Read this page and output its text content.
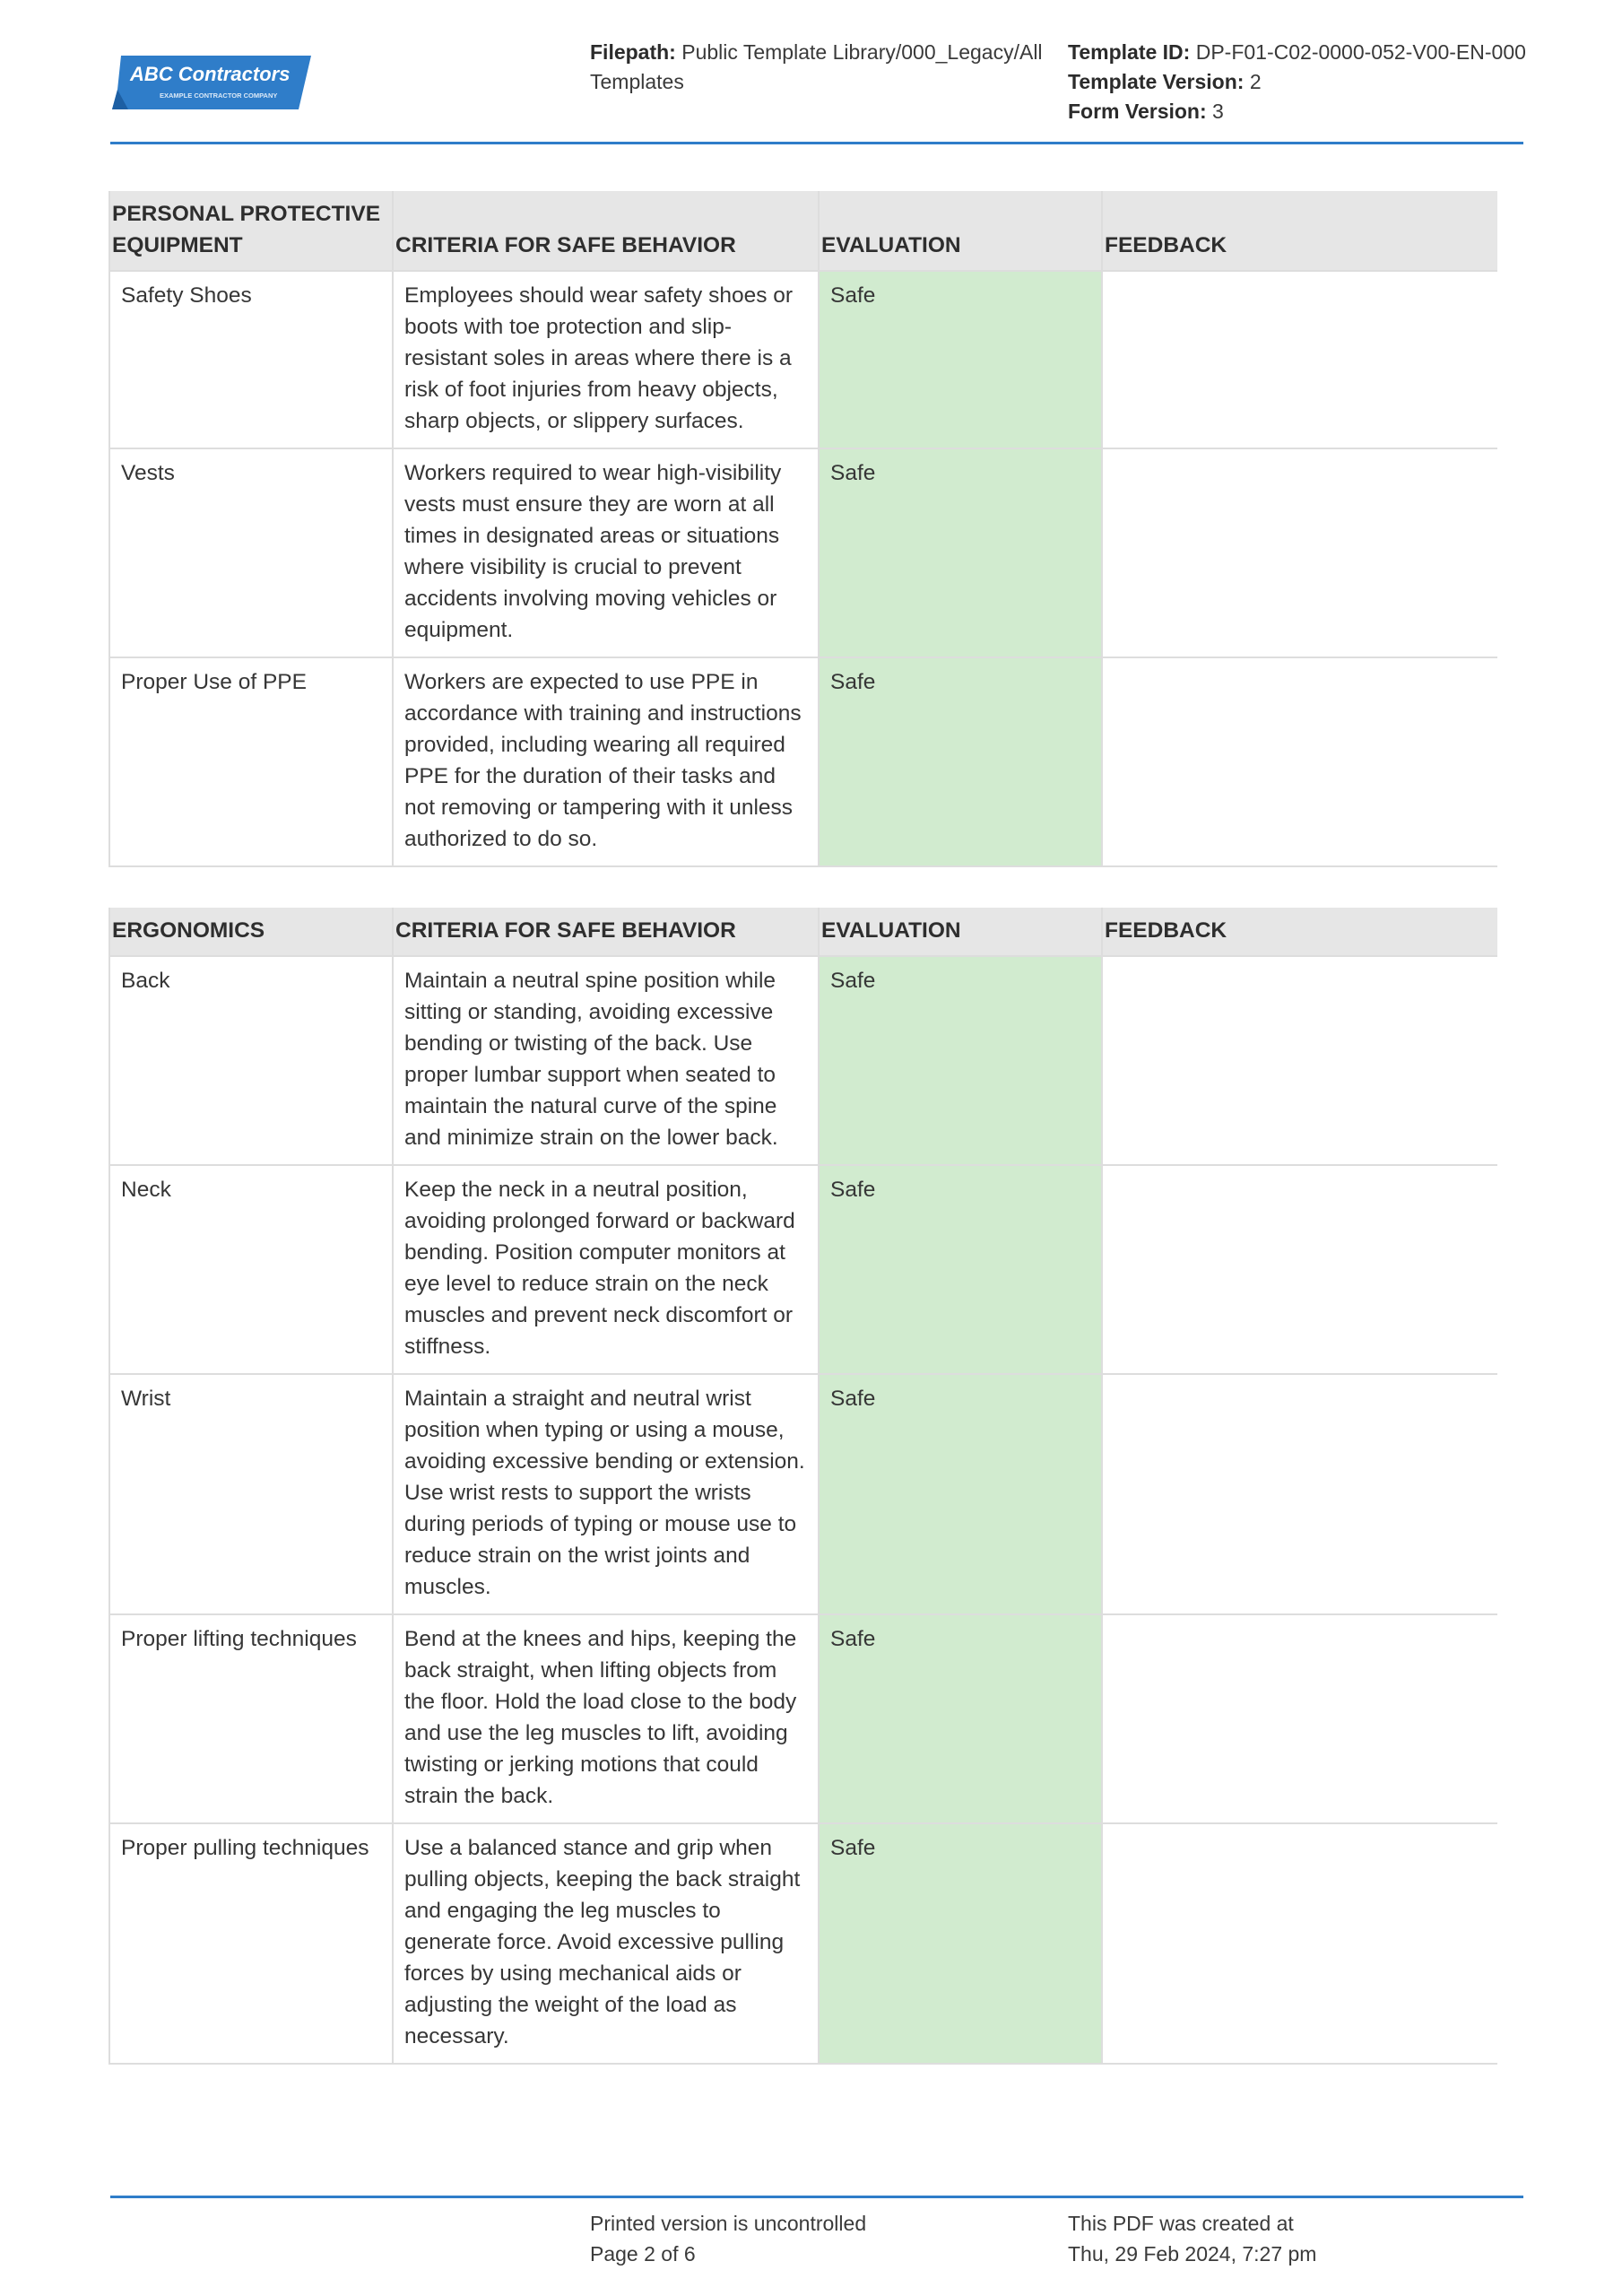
ABC Contractors
EXAMPLE CONTRACTOR COMPANY
Filepath: Public Template Library/000_Legacy/All Templates
Template ID: DP-F01-C02-0000-052-V00-EN-000
Template Version: 2
Form Version: 3
PERSONAL PROTECTIVE EQUIPMENT	CRITERIA FOR SAFE BEHAVIOR	EVALUATION	FEEDBACK
Safety Shoes	Employees should wear safety shoes or boots with toe protection and slip-resistant soles in areas where there is a risk of foot injuries from heavy objects, sharp objects, or slippery surfaces.	Safe	
Vests	Workers required to wear high-visibility vests must ensure they are worn at all times in designated areas or situations where visibility is crucial to prevent accidents involving moving vehicles or equipment.	Safe	
Proper Use of PPE	Workers are expected to use PPE in accordance with training and instructions provided, including wearing all required PPE for the duration of their tasks and not removing or tampering with it unless authorized to do so.	Safe	
ERGONOMICS	CRITERIA FOR SAFE BEHAVIOR	EVALUATION	FEEDBACK
Back	Maintain a neutral spine position while sitting or standing, avoiding excessive bending or twisting of the back. Use proper lumbar support when seated to maintain the natural curve of the spine and minimize strain on the lower back.	Safe	
Neck	Keep the neck in a neutral position, avoiding prolonged forward or backward bending. Position computer monitors at eye level to reduce strain on the neck muscles and prevent neck discomfort or stiffness.	Safe	
Wrist	Maintain a straight and neutral wrist position when typing or using a mouse, avoiding excessive bending or extension. Use wrist rests to support the wrists during periods of typing or mouse use to reduce strain on the wrist joints and muscles.	Safe	
Proper lifting techniques	Bend at the knees and hips, keeping the back straight, when lifting objects from the floor. Hold the load close to the body and use the leg muscles to lift, avoiding twisting or jerking motions that could strain the back.	Safe	
Proper pulling techniques	Use a balanced stance and grip when pulling objects, keeping the back straight and engaging the leg muscles to generate force. Avoid excessive pulling forces by using mechanical aids or adjusting the weight of the load as necessary.	Safe	
Printed version is uncontrolled
Page 2 of 6
This PDF was created at
Thu, 29 Feb 2024, 7:27 pm
